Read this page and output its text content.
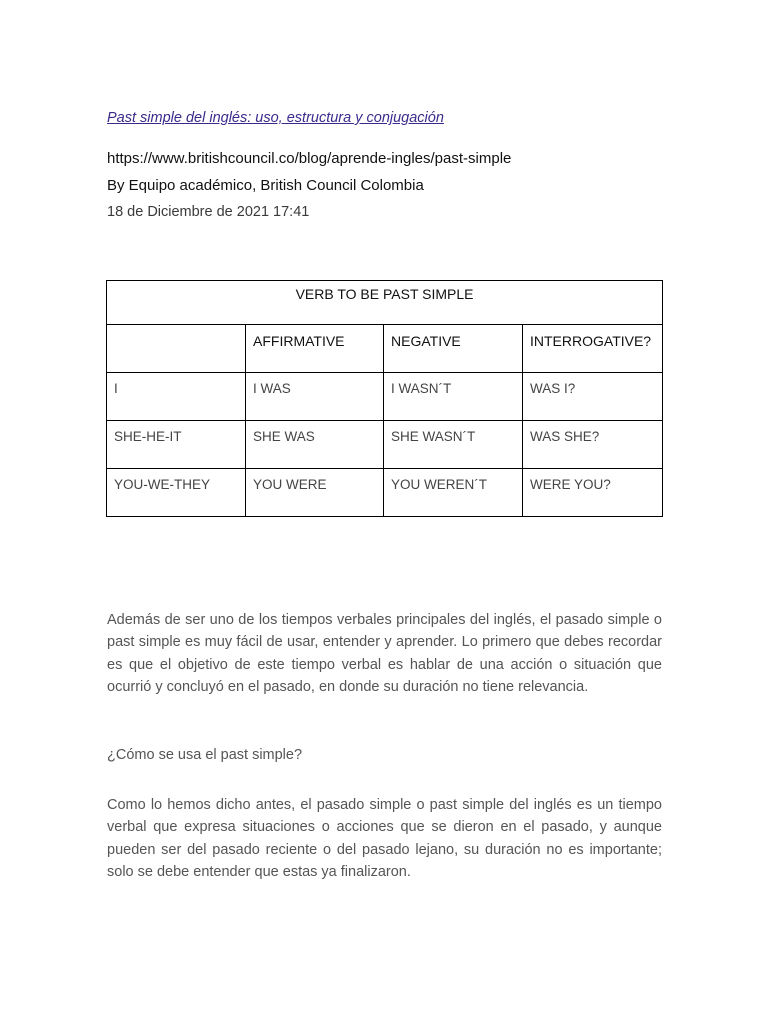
Past simple del inglés: uso, estructura y conjugación
https://www.britishcouncil.co/blog/aprende-ingles/past-simple
By Equipo académico, British Council Colombia
18 de Diciembre de 2021 17:41
VERB TO BE PAST SIMPLE			
	AFFIRMATIVE	NEGATIVE	INTERROGATIVE?
I	I WAS	I WASN´T	WAS I?
SHE-HE-IT	SHE WAS	SHE WASN´T	WAS SHE?
YOU-WE-THEY	YOU WERE	YOU WEREN´T	WERE YOU?

Además de ser uno de los tiempos verbales principales del inglés, el pasado simple o past simple es muy fácil de usar, entender y aprender. Lo primero que debes recordar es que el objetivo de este tiempo verbal es hablar de una acción o situación que ocurrió y concluyó en el pasado, en donde su duración no tiene relevancia.

¿Cómo se usa el past simple?

Como lo hemos dicho antes, el pasado simple o past simple del inglés es un tiempo verbal que expresa situaciones o acciones que se dieron en el pasado, y aunque pueden ser del pasado reciente o del pasado lejano, su duración no es importante; solo se debe entender que estas ya finalizaron.
